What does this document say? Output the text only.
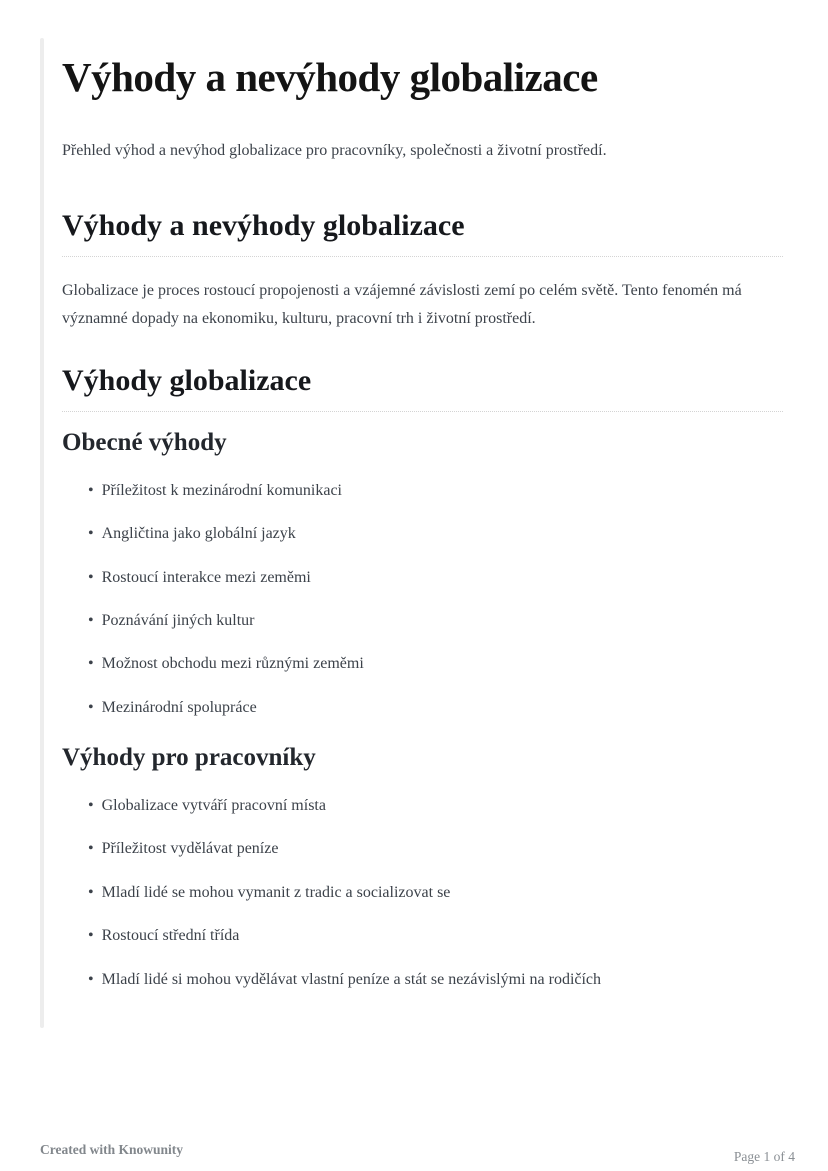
Výhody a nevýhody globalizace

Přehled výhod a nevýhod globalizace pro pracovníky, společnosti a životní prostředí.

Výhody a nevýhody globalizace

Globalizace je proces rostoucí propojenosti a vzájemné závislosti zemí po celém světě. Tento fenomén má významné dopady na ekonomiku, kulturu, pracovní trh i životní prostředí.

Výhody globalizace
Obecné výhody
• Příležitost k mezinárodní komunikaci
• Angličtina jako globální jazyk
• Rostoucí interakce mezi zeměmi
• Poznávání jiných kultur
• Možnost obchodu mezi různými zeměmi
• Mezinárodní spolupráce
Výhody pro pracovníky
• Globalizace vytváří pracovní místa
• Příležitost vydělávat peníze
• Mladí lidé se mohou vymanit z tradic a socializovat se
• Rostoucí střední třída
• Mladí lidé si mohou vydělávat vlastní peníze a stát se nezávislými na rodičích
Created with Knowunity	Page 1 of 4
